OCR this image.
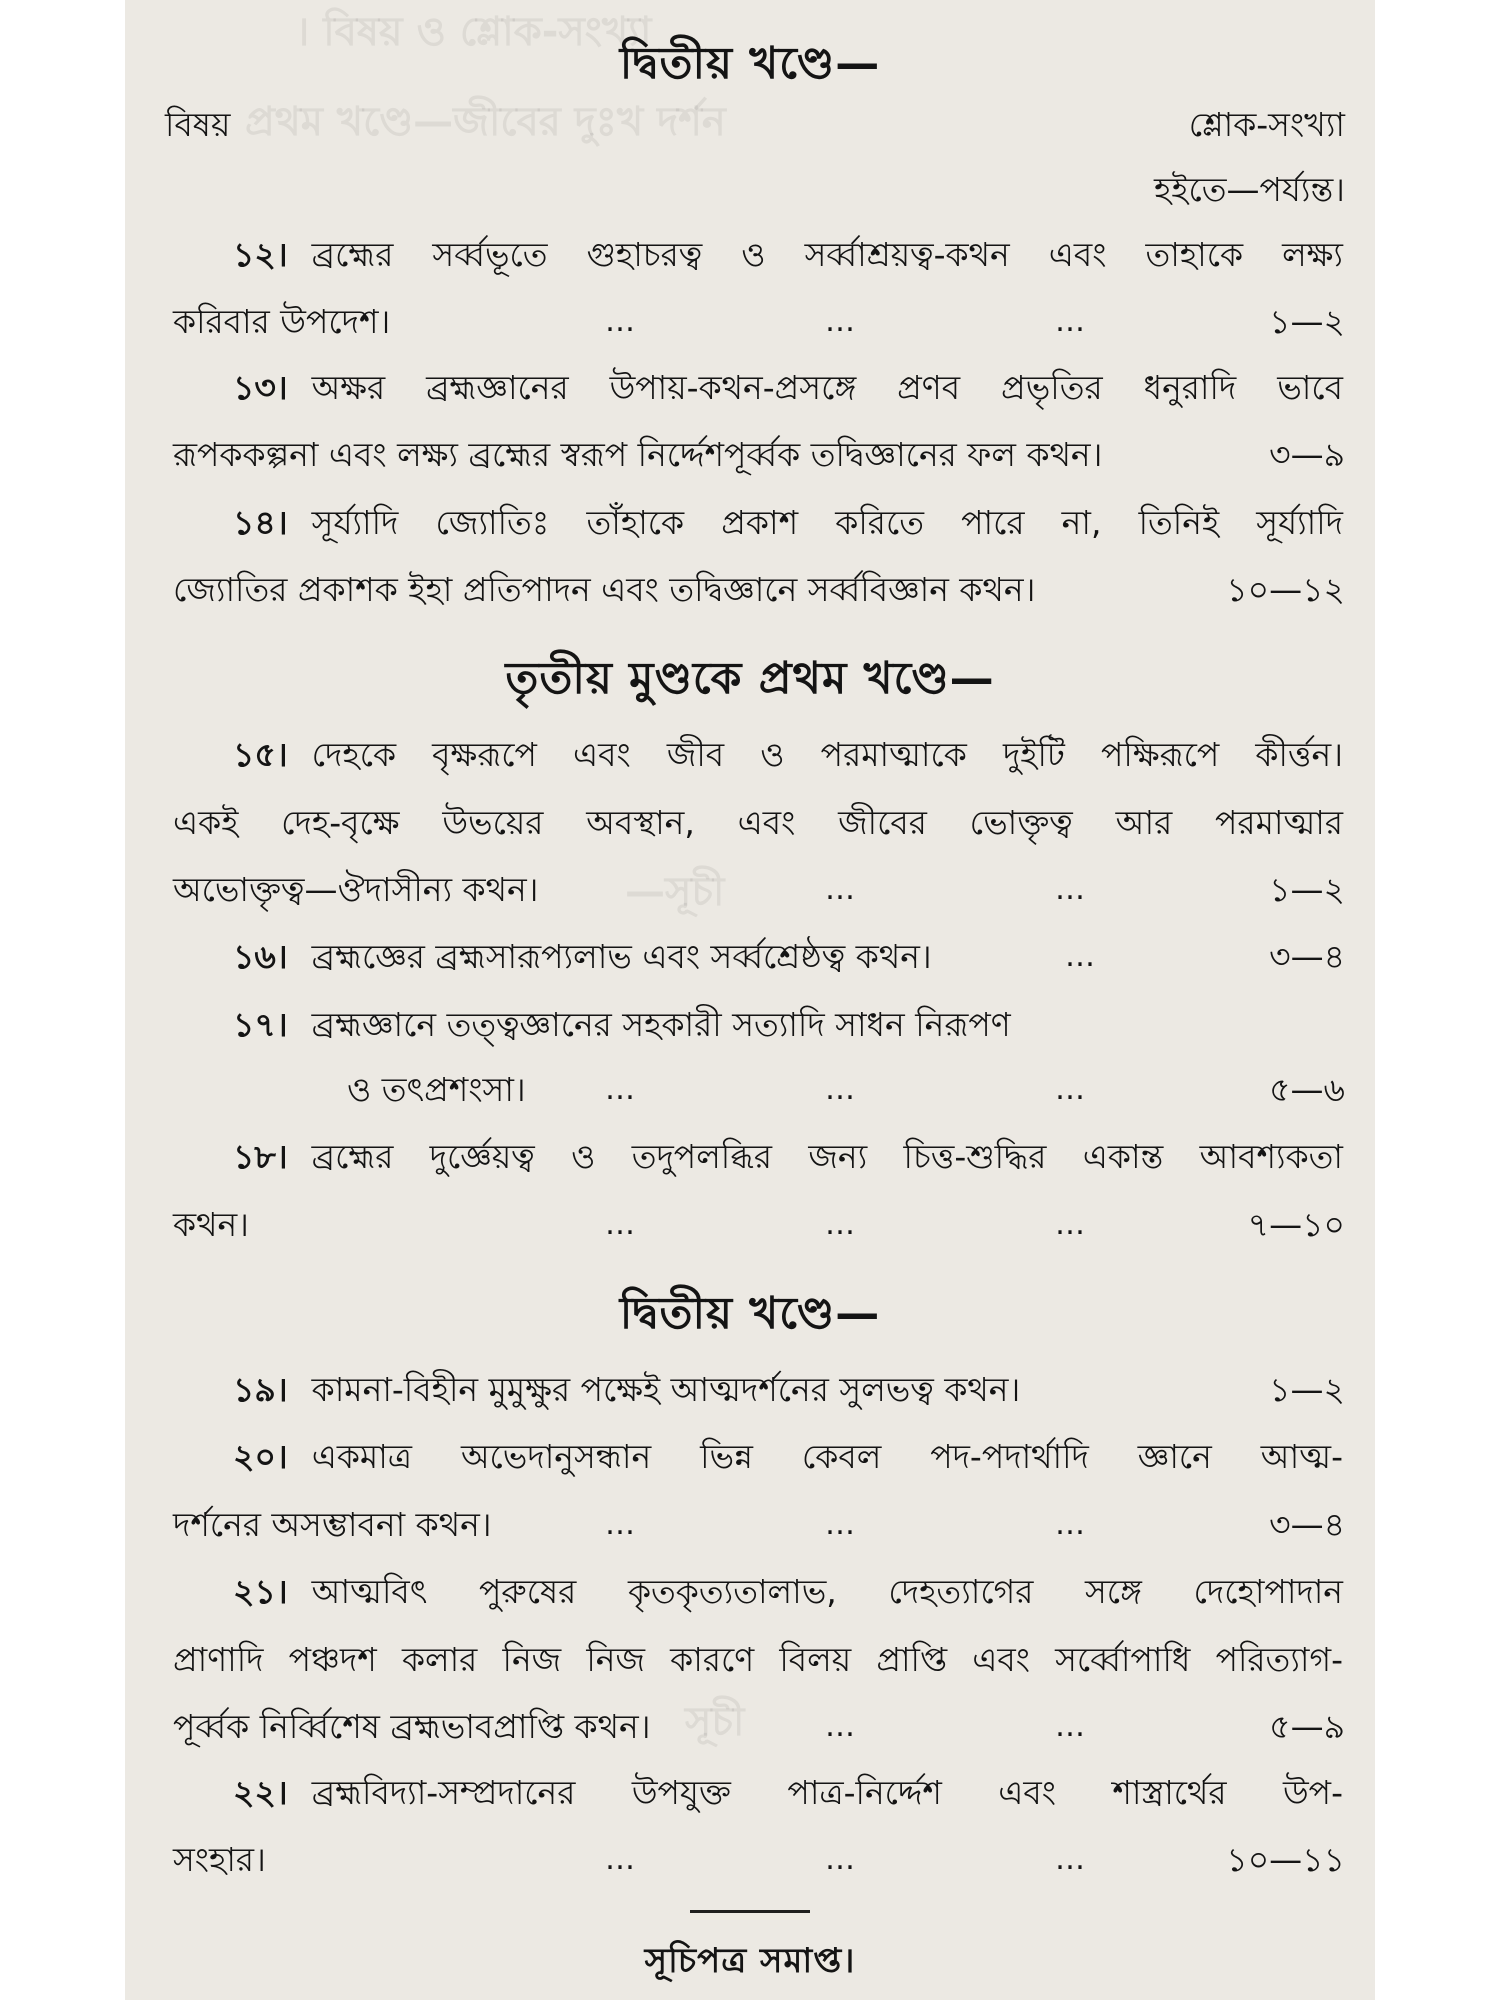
। বিষয় ও শ্লোক-সংখ্যা
প্রথম খণ্ডে—জীবের দুঃখ দর্শন
—সূচী
সূচী
দ্বিতীয় খণ্ডে—
বিষয়	শ্লোক-সংখ্যা
হইতে—পর্য্যন্ত।
১২। ব্রহ্মের সর্ব্বভূতে গুহাচরত্ব ও সর্ব্বাশ্রয়ত্ব-কথন এবং তাহাকে লক্ষ্য
করিবার উপদেশ।	…	…	…	১—২
১৩। অক্ষর ব্রহ্মজ্ঞানের উপায়-কথন-প্রসঙ্গে প্রণব প্রভৃতির ধনুরাদি ভাবে
রূপককল্পনা এবং লক্ষ্য ব্রহ্মের স্বরূপ নির্দ্দেশপূর্ব্বক তদ্বিজ্ঞানের ফল কথন।	৩—৯
১৪। সূর্য্যাদি জ্যোতিঃ তাঁহাকে প্রকাশ করিতে পারে না, তিনিই সূর্য্যাদি
জ্যোতির প্রকাশক ইহা প্রতিপাদন এবং তদ্বিজ্ঞানে সর্ব্ববিজ্ঞান কথন।	১০—১২
তৃতীয় মুণ্ডকে প্রথম খণ্ডে—
১৫। দেহকে বৃক্ষরূপে এবং জীব ও পরমাত্মাকে দুইটি পক্ষিরূপে কীর্ত্তন।
একই দেহ-বৃক্ষে উভয়ের অবস্থান, এবং জীবের ভোক্তৃত্ব আর পরমাত্মার
অভোক্তৃত্ব—ঔদাসীন্য কথন।	…	…	১—২
১৬। ব্রহ্মজ্ঞের ব্রহ্মসারূপ্যলাভ এবং সর্ব্বশ্রেষ্ঠত্ব কথন।	…	৩—৪
১৭। ব্রহ্মজ্ঞানে তত্ত্বজ্ঞানের সহকারী সত্যাদি সাধন নিরূপণ
ও তৎপ্রশংসা।	…	…	…	৫—৬
১৮। ব্রহ্মের দুর্জ্ঞেয়ত্ব ও তদুপলব্ধির জন্য চিত্ত-শুদ্ধির একান্ত আবশ্যকতা
কথন।	…	…	…	৭—১০
দ্বিতীয় খণ্ডে—
১৯। কামনা-বিহীন মুমুক্ষুর পক্ষেই আত্মদর্শনের সুলভত্ব কথন।	১—২
২০। একমাত্র অভেদানুসন্ধান ভিন্ন কেবল পদ-পদার্থাদি জ্ঞানে আত্ম-
দর্শনের অসম্ভাবনা কথন।	…	…	…	৩—৪
২১। আত্মবিৎ পুরুষের কৃতকৃত্যতালাভ, দেহত্যাগের সঙ্গে দেহোপাদান
প্রাণাদি পঞ্চদশ কলার নিজ নিজ কারণে বিলয় প্রাপ্তি এবং সর্ব্বোপাধি পরিত্যাগ-
পূর্ব্বক নির্ব্বিশেষ ব্রহ্মভাবপ্রাপ্তি কথন।	…	…	৫—৯
২২। ব্রহ্মবিদ্যা-সম্প্রদানের উপযুক্ত পাত্র-নির্দ্দেশ এবং শাস্ত্রার্থের উপ-
সংহার।	…	…	…	১০—১১
সূচিপত্র সমাপ্ত।
